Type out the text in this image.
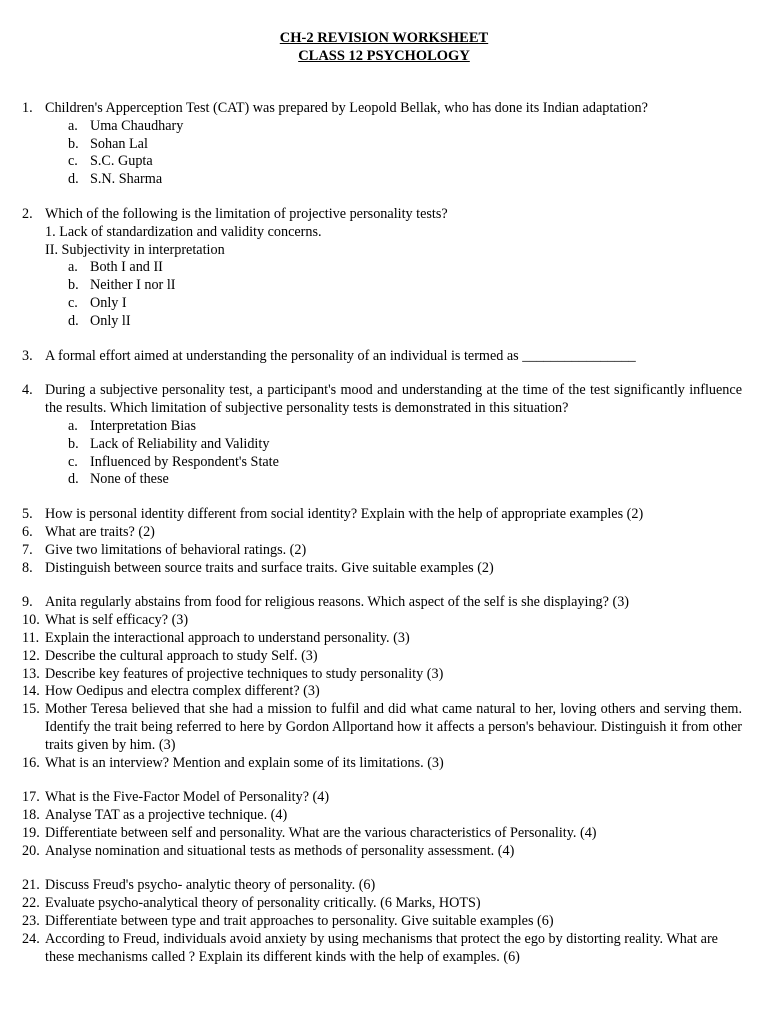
CH-2 REVISION WORKSHEET
CLASS 12 PSYCHOLOGY
1. Children's Apperception Test (CAT) was prepared by Leopold Bellak, who has done its Indian adaptation?
a. Uma Chaudhary
b. Sohan Lal
c. S.C. Gupta
d. S.N. Sharma
2. Which of the following is the limitation of projective personality tests?
1. Lack of standardization and validity concerns.
II. Subjectivity in interpretation
a. Both I and II
b. Neither I nor lI
c. Only I
d. Only lI
3. A formal effort aimed at understanding the personality of an individual is termed as ________________
4. During a subjective personality test, a participant's mood and understanding at the time of the test significantly influence the results. Which limitation of subjective personality tests is demonstrated in this situation?
a. Interpretation Bias
b. Lack of Reliability and Validity
c. Influenced by Respondent's State
d. None of these
5. How is personal identity different from social identity? Explain with the help of appropriate examples (2)
6. What are traits? (2)
7. Give two limitations of behavioral ratings. (2)
8. Distinguish between source traits and surface traits. Give suitable examples (2)
9. Anita regularly abstains from food for religious reasons. Which aspect of the self is she displaying? (3)
10. What is self efficacy? (3)
11. Explain the interactional approach to understand personality. (3)
12. Describe the cultural approach to study Self. (3)
13. Describe key features of projective techniques to study personality (3)
14. How Oedipus and electra complex different? (3)
15. Mother Teresa believed that she had a mission to fulfil and did what came natural to her, loving others and serving them. Identify the trait being referred to here by Gordon Allportand how it affects a person's behaviour. Distinguish it from other traits given by him. (3)
16. What is an interview? Mention and explain some of its limitations. (3)
17. What is the Five-Factor Model of Personality? (4)
18. Analyse TAT as a projective technique. (4)
19. Differentiate between self and personality. What are the various characteristics of Personality. (4)
20. Analyse nomination and situational tests as methods of personality assessment. (4)
21. Discuss Freud's psycho- analytic theory of personality. (6)
22. Evaluate psycho-analytical theory of personality critically. (6 Marks, HOTS)
23. Differentiate between type and trait approaches to personality. Give suitable examples (6)
24. According to Freud, individuals avoid anxiety by using mechanisms that protect the ego by distorting reality. What are these mechanisms called ? Explain its different kinds with the help of examples. (6)
